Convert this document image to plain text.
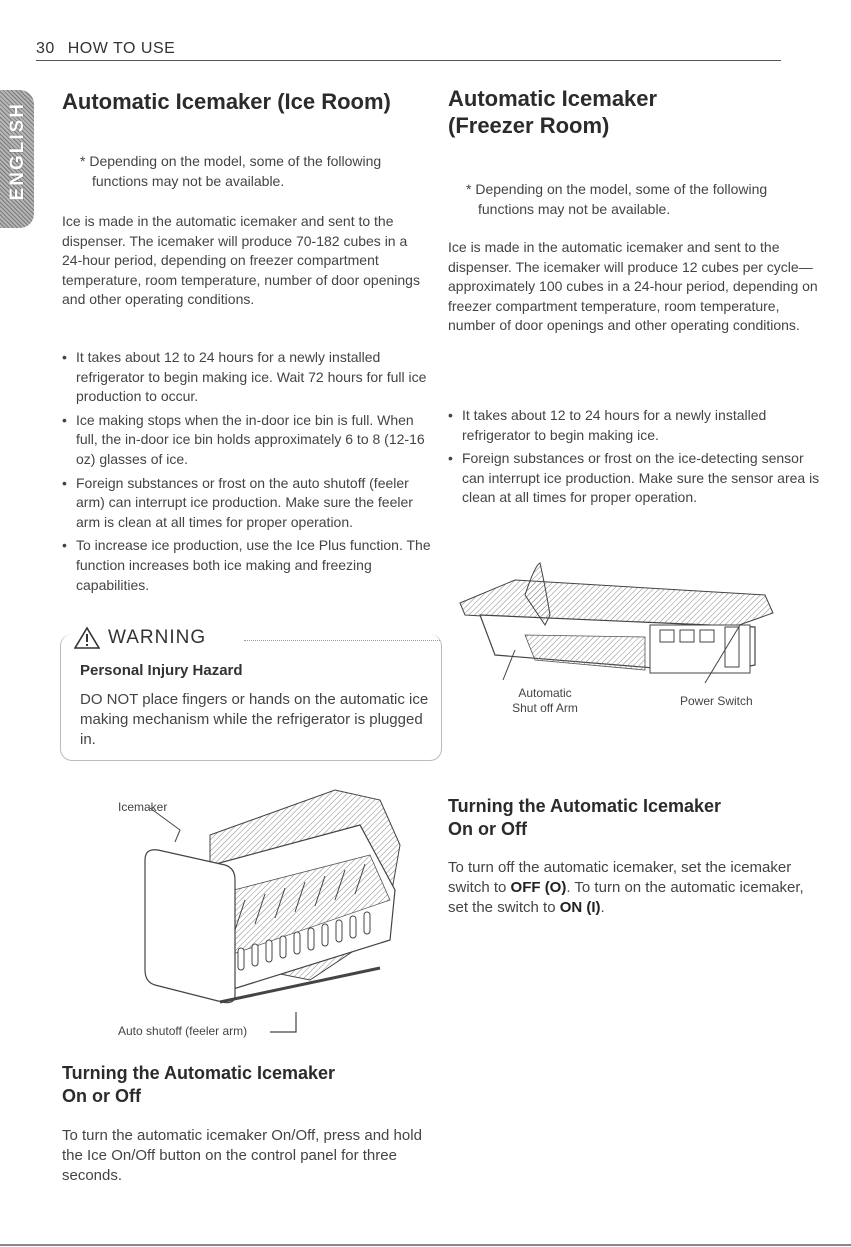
30 HOW TO USE
ENGLISH
Automatic Icemaker (Ice Room)

* Depending on the model, some of the following functions may not be available.

Ice is made in the automatic icemaker and sent to the dispenser. The icemaker will produce 70-182 cubes in a 24-hour period, depending on freezer compartment temperature, room temperature, number of door openings and other operating conditions.

• It takes about 12 to 24 hours for a newly installed refrigerator to begin making ice. Wait 72 hours for full ice production to occur.
• Ice making stops when the in-door ice bin is full. When full, the in-door ice bin holds approximately 6 to 8 (12-16 oz) glasses of ice.
• Foreign substances or frost on the auto shutoff (feeler arm) can interrupt ice production. Make sure the feeler arm is clean at all times for proper operation.
• To increase ice production, use the Ice Plus function. The function increases both ice making and freezing capabilities.
WARNING
Personal Injury Hazard
DO NOT place fingers or hands on the automatic ice making mechanism while the refrigerator is plugged in.
Icemaker
Auto shutoff (feeler arm)
Turning the Automatic Icemaker
On or Off

To turn the automatic icemaker On/Off, press and hold the Ice On/Off button on the control panel for three seconds.

Automatic Icemaker
(Freezer Room)

* Depending on the model, some of the following functions may not be available.

Ice is made in the automatic icemaker and sent to the dispenser. The icemaker will produce 12 cubes per cycle—approximately 100 cubes in a 24-hour period, depending on freezer compartment temperature, room temperature, number of door openings and other operating conditions.

• It takes about 12 to 24 hours for a newly installed refrigerator to begin making ice.
• Foreign substances or frost on the ice-detecting sensor can interrupt ice production. Make sure the sensor area is clean at all times for proper operation.
Automatic
Shut off Arm	Power Switch
Turning the Automatic Icemaker
On or Off

To turn off the automatic icemaker, set the icemaker switch to OFF (O). To turn on the automatic icemaker, set the switch to ON (I).
